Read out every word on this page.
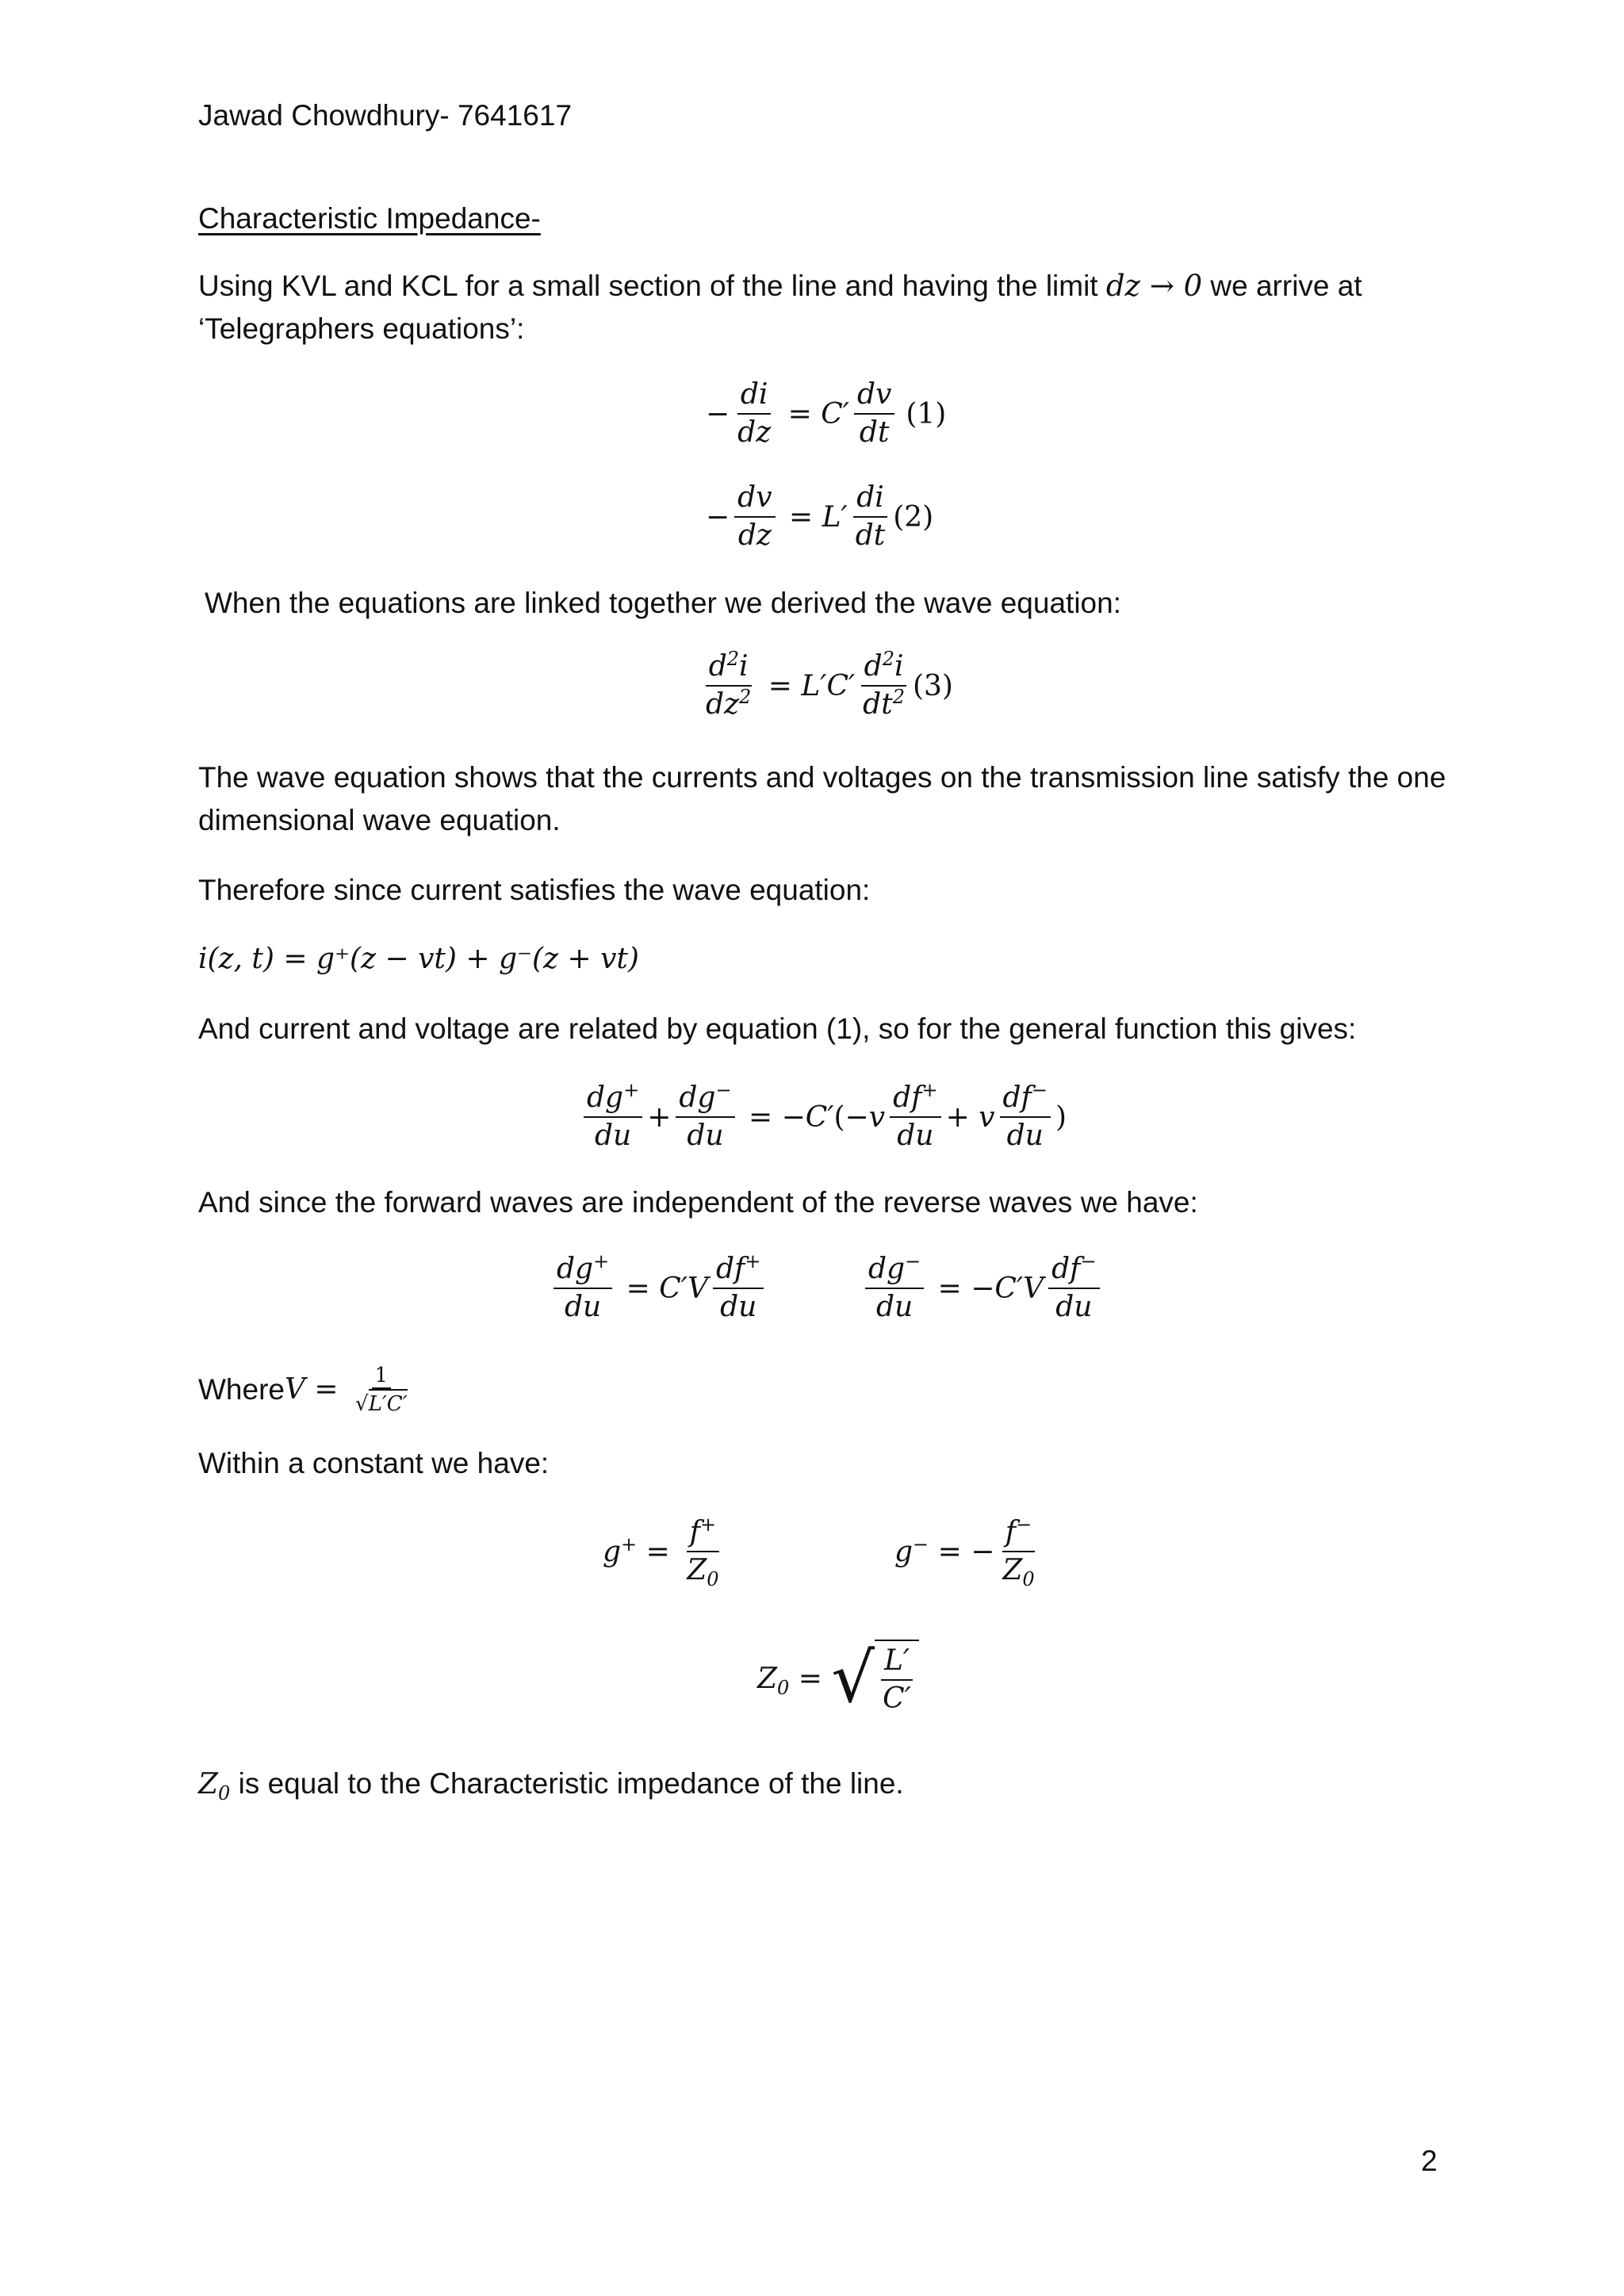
Jawad Chowdhury- 7641617
Characteristic Impedance-
Using KVL and KCL for a small section of the line and having the limit dz → 0 we arrive at
‘Telegraphers equations’:
− $\frac{di}{dz} = C' \frac{dv}{dt} (1)$
− $\frac{dv}{dz} = L' \frac{di}{dt} (2)$
When the equations are linked together we derived the wave equation:
$\frac{d^2i}{dz^2} = L'C' \frac{d^2i}{dt^2} (3)$
The wave equation shows that the currents and voltages on the transmission line satisfy the one
dimensional wave equation.
Therefore since current satisfies the wave equation:
i(z, t) = g⁺(z − vt) + g⁻(z + vt)
And current and voltage are related by equation (1), so for the general function this gives:
$\frac{dg^+}{du} + \frac{dg^-}{du}$ = − C′ (− v $\frac{df^+}{du} + v \frac{df^-}{du}$ )
And since the forward waves are independent of the reverse waves we have:
$\frac{dg^+}{du} = C'V \frac{df^+}{du}$	$\frac{dg^-}{du}$ = − $C'V \frac{df^-}{du}$
Where $V = \frac{1}{√L'C'}$
Within a constant we have:
$g^+ = \frac{f^+}{Z_0}$	g− = − $\frac{f^-}{Z_0}$
$Z_0$ = √ $\frac{L'}{C'}$
$Z_0$ is equal to the Characteristic impedance of the line.
2
